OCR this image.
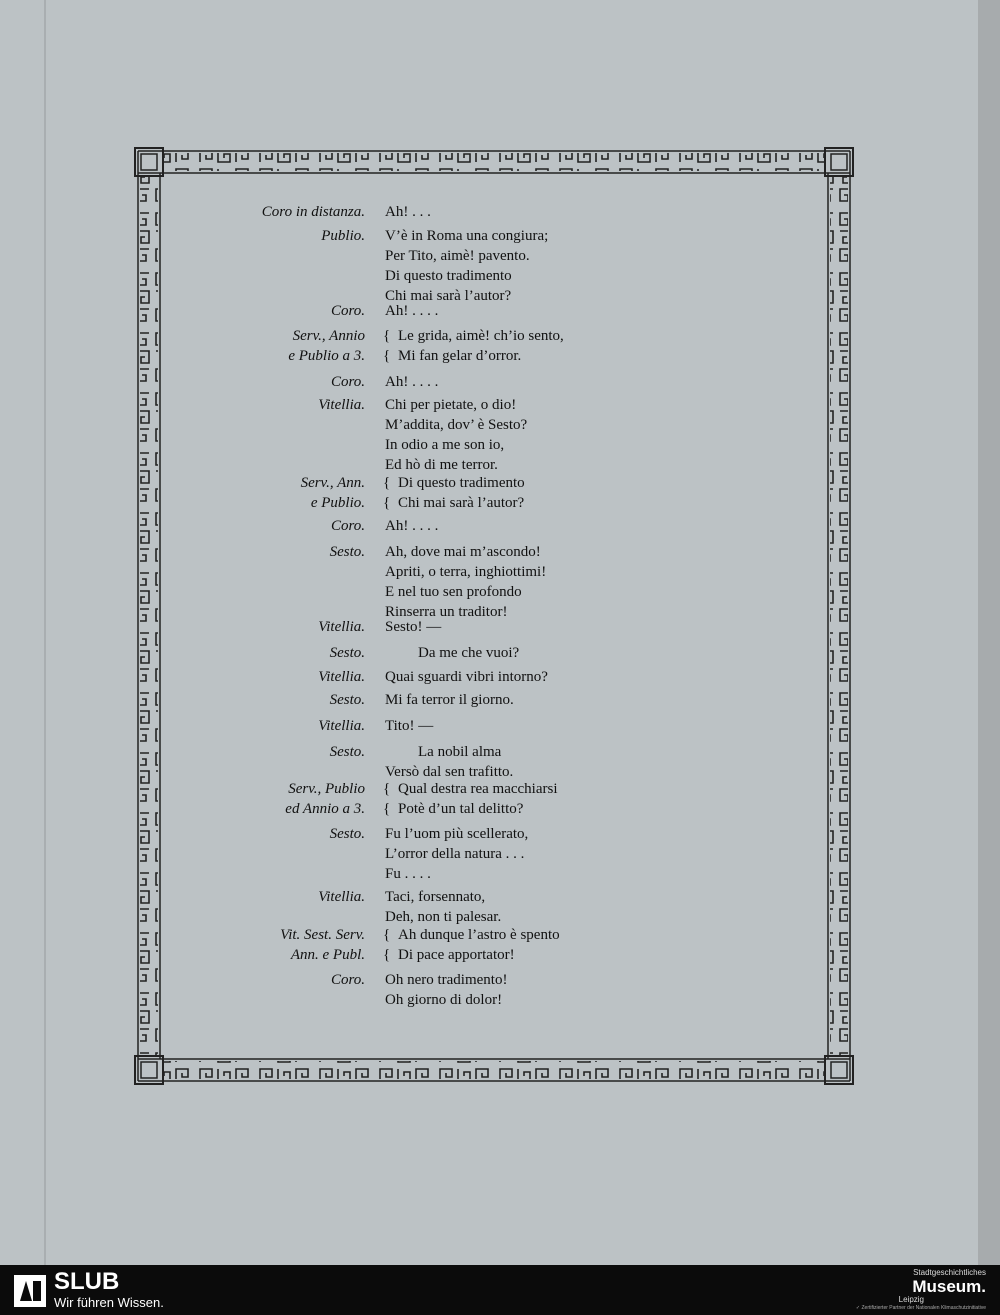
Coro in distanza. Ah! . . .
Publio. V’è in Roma una congiura;
Per Tito, aimè! pavento.
Di questo tradimento
Chi mai sarà l’autor?
Coro. Ah! . . . .
Serv., Annio { Le grida, aimè! ch’io sento,
e Publio a 3. { Mi fan gelar d’orror.
Coro. Ah! . . . .
Vitellia. Chi per pietate, o dio!
M’addita, dov’ è Sesto?
In odio a me son io,
Ed hò di me terror.
Serv., Ann. { Di questo tradimento
e Publio. { Chi mai sarà l’autor?
Coro. Ah! . . . .
Sesto. Ah, dove mai m’ascondo!
Apriti, o terra, inghiottimi!
E nel tuo sen profondo
Rinserra un traditor!
Vitellia. Sesto! —
Sesto.	Da me che vuoi?
Vitellia. Quai sguardi vibri intorno?
Sesto. Mi fa terror il giorno.
Vitellia. Tito! —
Sesto.	La nobil alma
Versò dal sen trafitto.
Serv., Publio { Qual destra rea macchiarsi
ed Annio a 3. { Potè d’un tal delitto?
Sesto. Fu l’uom più scellerato,
L’orror della natura . . .
Fu . . . .
Vitellia. Taci, forsennato,
Deh, non ti palesar.
Vit. Sest. Serv. { Ah dunque l’astro è spento
Ann. e Publ. { Di pace apportator!
Coro. Oh nero tradimento!
Oh giorno di dolor!
SLUB
Wir führen Wissen.
Stadtgeschichtliches
Museum.
Leipzig
✓ Zertifizierter Partner der Nationalen Klimaschutzinitiative
